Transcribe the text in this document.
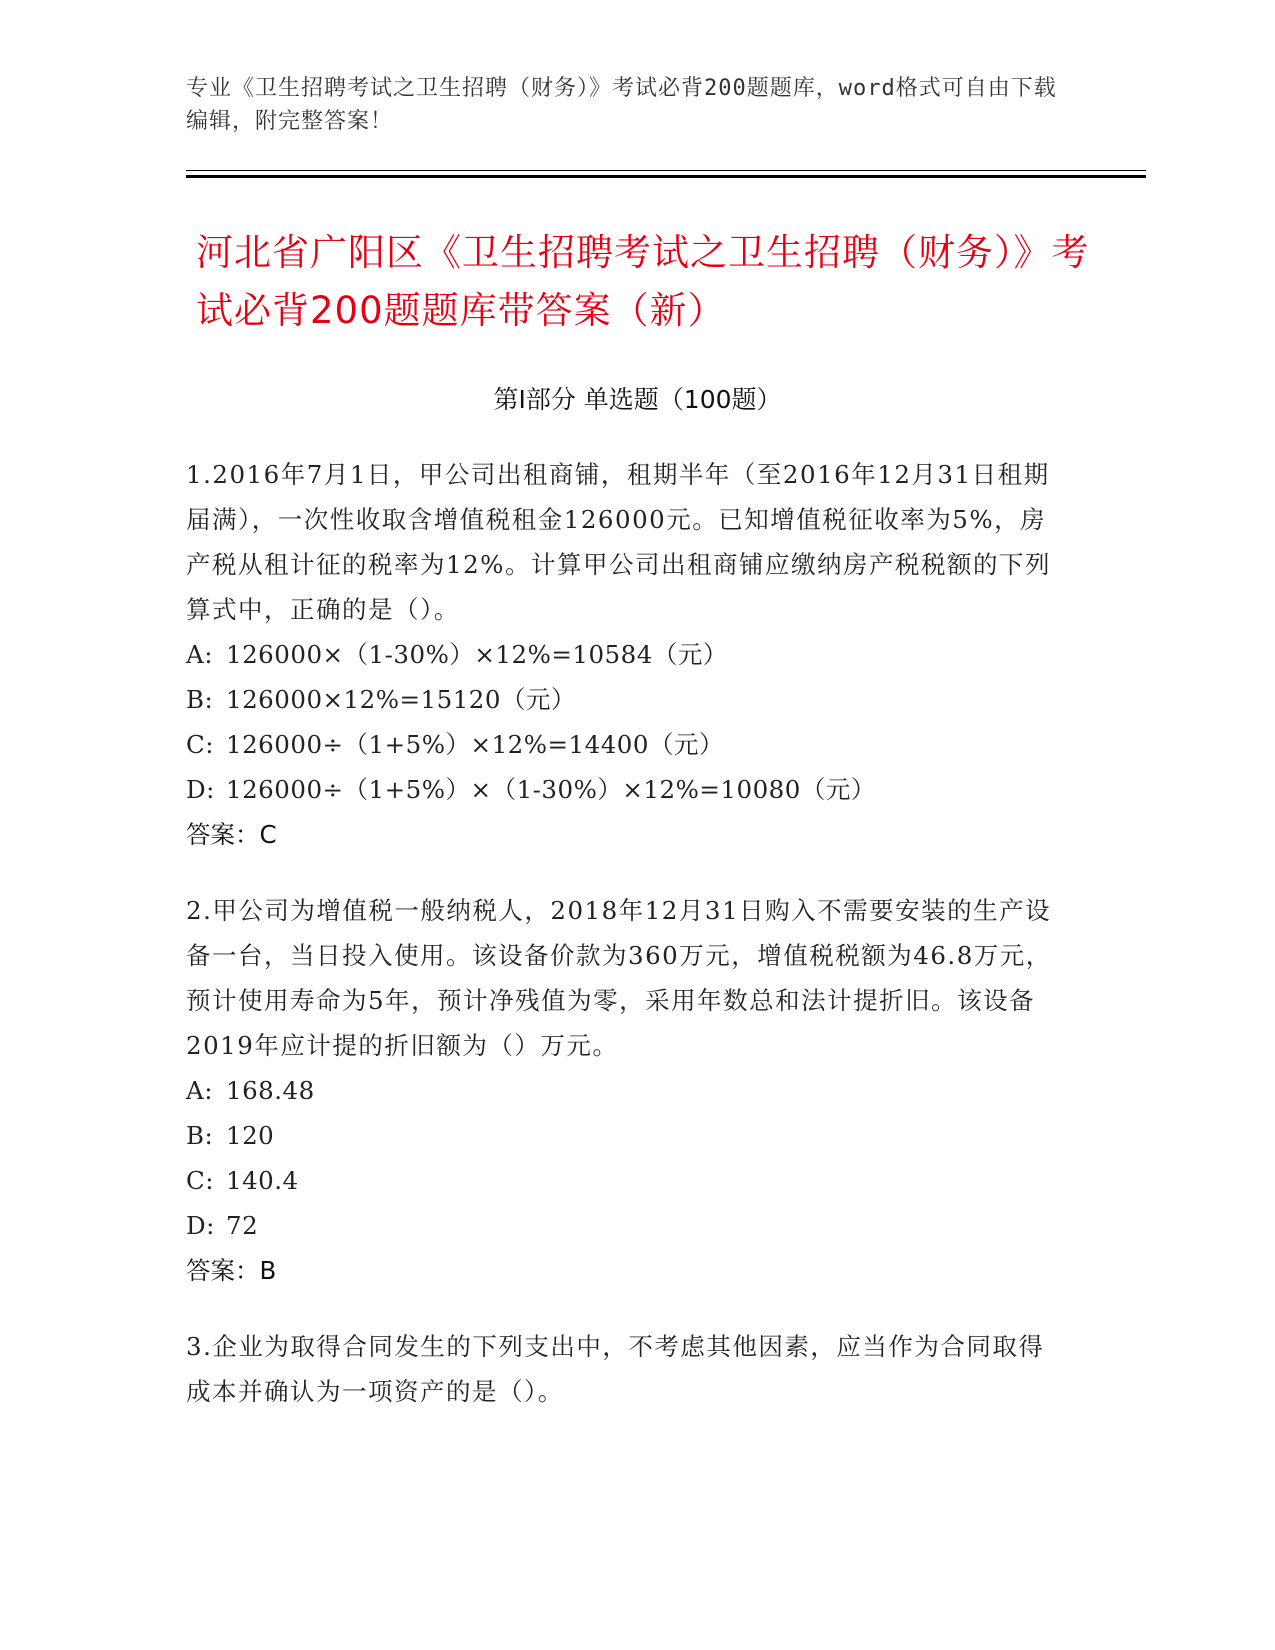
专业《卫生招聘考试之卫生招聘（财务）》考试必背200题题库，word格式可自由下载编辑，附完整答案！
河北省广阳区《卫生招聘考试之卫生招聘（财务）》考试必背200题题库带答案（新）
第Ⅰ部分 单选题（100题）

1.2016年7月1日，甲公司出租商铺，租期半年（至2016年12月31日租期届满），一次性收取含增值税租金126000元。已知增值税征收率为5%，房产税从租计征的税率为12%。计算甲公司出租商铺应缴纳房产税税额的下列算式中，正确的是（）。

A: 126000×（1-30%）×12%=10584（元）
B: 126000×12%=15120（元）
C: 126000÷（1+5%）×12%=14400（元）
D: 126000÷（1+5%）×（1-30%）×12%=10080（元）
答案：C

2.甲公司为增值税一般纳税人，2018年12月31日购入不需要安装的生产设备一台，当日投入使用。该设备价款为360万元，增值税税额为46.8万元，预计使用寿命为5年，预计净残值为零，采用年数总和法计提折旧。该设备2019年应计提的折旧额为（）万元。

A: 168.48
B: 120
C: 140.4
D: 72
答案：B

3.企业为取得合同发生的下列支出中，不考虑其他因素，应当作为合同取得成本并确认为一项资产的是（）。
